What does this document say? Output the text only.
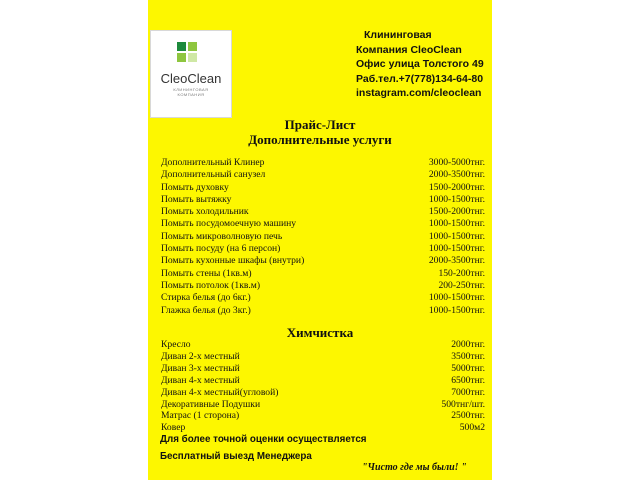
CleoClean
КЛИНИНГОВАЯ
КОМПАНИЯ
Клининговая
Компания CleoClean
Офис улица Толстого 49
Раб.тел.+7(778)134-64-80
instagram.com/cleoclean
Прайс-Лист
Дополнительные услуги
Дополнительный Клинер	3000-5000тнг.
Дополнительный санузел	2000-3500тнг.
Помыть духовку	1500-2000тнг.
Помыть вытяжку	1000-1500тнг.
Помыть холодильник	1500-2000тнг.
Помыть посудомоечную машину	1000-1500тнг.
Помыть микроволновую печь	1000-1500тнг.
Помыть посуду (на 6 персон)	1000-1500тнг.
Помыть кухонные шкафы (внутри)	2000-3500тнг.
Помыть стены (1кв.м)	150-200тнг.
Помыть потолок (1кв.м)	200-250тнг.
Стирка белья (до 6кг.)	1000-1500тнг.
Глажка белья (до 3кг.)	1000-1500тнг.
Химчистка
Кресло	2000тнг.
Диван 2-х местный	3500тнг.
Диван 3-х местный	5000тнг.
Диван 4-х местный	6500тнг.
Диван 4-х местный(угловой)	7000тнг.
Декоративные Подушки	500тнг/шт.
Матрас (1 сторона)	2500тнг.
Ковер	500м2
Для более точной оценки осуществляется
Бесплатный выезд Менеджера
"Чисто где мы были! "
